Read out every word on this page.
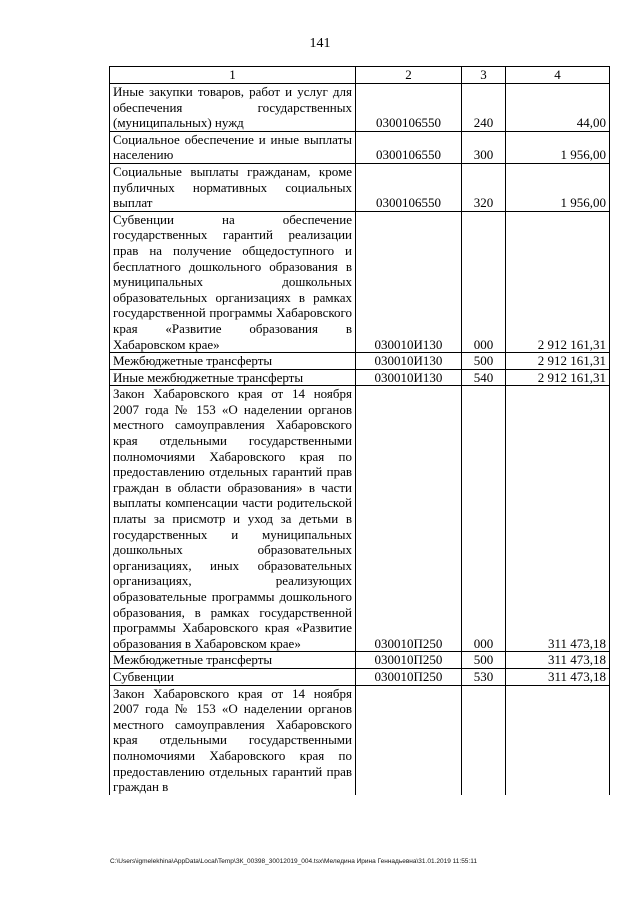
141
1	2	3	4
Иные закупки товаров, работ и услуг для обеспечения государственных (муниципальных) нужд	0300106550	240	44,00
Социальное обеспечение и иные выплаты населению	0300106550	300	1 956,00
Социальные выплаты гражданам, кроме публичных нормативных социальных выплат	0300106550	320	1 956,00
Субвенции на обеспечение государственных гарантий реализации прав на получение общедоступного и бесплатного дошкольного образования в муниципальных дошкольных образовательных организациях в рамках государственной программы Хабаровского края «Развитие образования в Хабаровском крае»	030010И130	000	2 912 161,31
Межбюджетные трансферты	030010И130	500	2 912 161,31
Иные межбюджетные трансферты	030010И130	540	2 912 161,31
Закон Хабаровского края от 14 ноября 2007 года № 153 «О наделении органов местного самоуправления Хабаровского края отдельными государственными полномочиями Хабаровского края по предоставлению отдельных гарантий прав граждан в области образования» в части выплаты компенсации части родительской платы за присмотр и уход за детьми в государственных и муниципальных дошкольных образовательных организациях, иных образовательных организациях, реализующих образовательные программы дошкольного образования, в рамках государственной программы Хабаровского края «Развитие образования в Хабаровском крае»	030010П250	000	311 473,18
Межбюджетные трансферты	030010П250	500	311 473,18
Субвенции	030010П250	530	311 473,18
Закон Хабаровского края от 14 ноября 2007 года № 153 «О наделении органов местного самоуправления Хабаровского края отдельными государственными полномочиями Хабаровского края по предоставлению отдельных гарантий прав граждан в			
C:\Users\igmelekhina\AppData\Local\Temp\ЗК_00398_30012019_004.tsx\Меледина Ирина Геннадьевна\31.01.2019 11:55:11
